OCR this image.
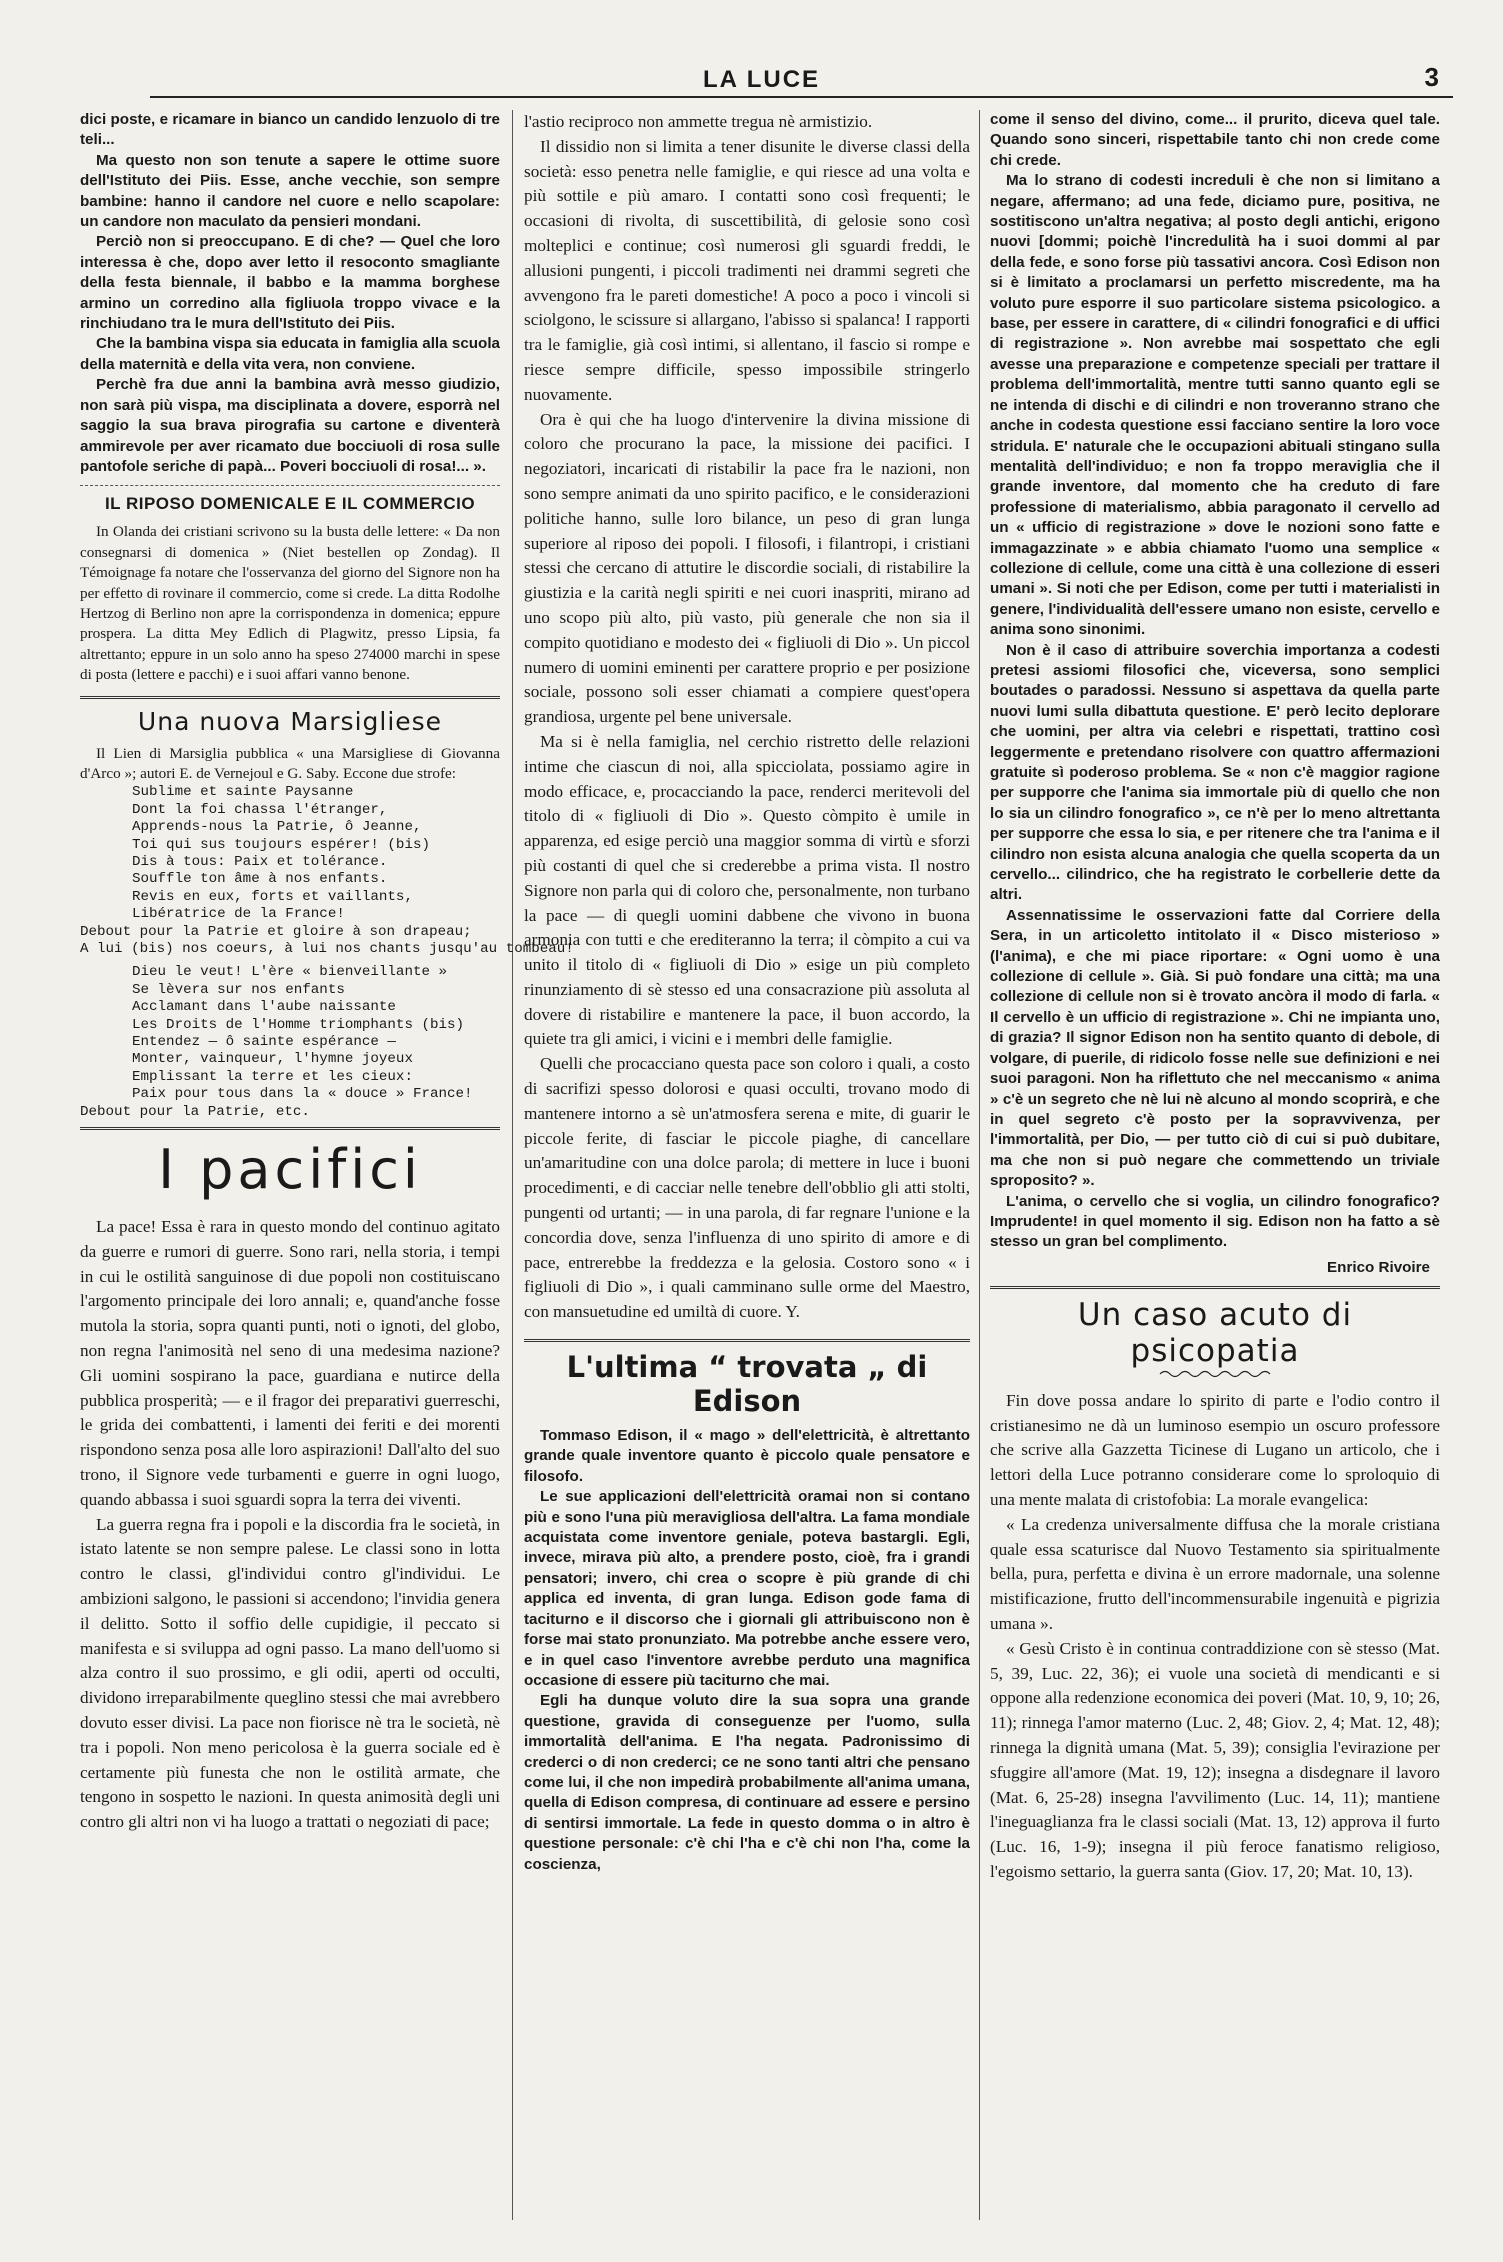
LA LUCE	3

dici poste, e ricamare in bianco un candido lenzuolo di tre teli...

Ma questo non son tenute a sapere le ottime suore dell'Istituto dei Piis. Esse, anche vecchie, son sempre bambine: hanno il candore nel cuore e nello scapolare: un candore non maculato da pensieri mondani.

Perciò non si preoccupano. E di che? — Quel che loro interessa è che, dopo aver letto il resoconto smagliante della festa biennale, il babbo e la mamma borghese armino un corredino alla figliuola troppo vivace e la rinchiudano tra le mura dell'Istituto dei Piis.

Che la bambina vispa sia educata in famiglia alla scuola della maternità e della vita vera, non conviene.

Perchè fra due anni la bambina avrà messo giudizio, non sarà più vispa, ma disciplinata a dovere, esporrà nel saggio la sua brava pirografia su cartone e diventerà ammirevole per aver ricamato due bocciuoli di rosa sulle pantofole seriche di papà... Poveri bocciuoli di rosa!... ».

IL RIPOSO DOMENICALE E IL COMMERCIO

In Olanda dei cristiani scrivono su la busta delle lettere: « Da non consegnarsi di domenica » (Niet bestellen op Zondag). Il Témoignage fa notare che l'osservanza del giorno del Signore non ha per effetto di rovinare il commercio, come si crede. La ditta Rodolhe Hertzog di Berlino non apre la corrispondenza in domenica; eppure prospera. La ditta Mey Edlich di Plagwitz, presso Lipsia, fa altrettanto; eppure in un solo anno ha speso 274000 marchi in spese di posta (lettere e pacchi) e i suoi affari vanno benone.

Una nuova Marsigliese

Il Lien di Marsiglia pubblica « una Marsigliese di Giovanna d'Arco »; autori E. de Vernejoul e G. Saby. Eccone due strofe:

Sublime et sainte Paysanne
Dont la foi chassa l'étranger,
Apprends-nous la Patrie, ô Jeanne,
Toi qui sus toujours espérer! (bis)
Dis à tous: Paix et tolérance.
Souffle ton âme à nos enfants.
Revis en eux, forts et vaillants,
Libératrice de la France!
Debout pour la Patrie et gloire à son drapeau;
A lui (bis) nos coeurs, à lui nos chants jusqu'au tombeau!
Dieu le veut! L'ère « bienveillante »
Se lèvera sur nos enfants
Acclamant dans l'aube naissante
Les Droits de l'Homme triomphants (bis)
Entendez — ô sainte espérance —
Monter, vainqueur, l'hymne joyeux
Emplissant la terre et les cieux:
Paix pour tous dans la « douce » France!
Debout pour la Patrie, etc.
I pacifici

La pace! Essa è rara in questo mondo del continuo agitato da guerre e rumori di guerre. Sono rari, nella storia, i tempi in cui le ostilità sanguinose di due popoli non costituiscano l'argomento principale dei loro annali; e, quand'anche fosse mutola la storia, sopra quanti punti, noti o ignoti, del globo, non regna l'animosità nel seno di una medesima nazione? Gli uomini sospirano la pace, guardiana e nutirce della pubblica prosperità; — e il fragor dei preparativi guerreschi, le grida dei combattenti, i lamenti dei feriti e dei morenti rispondono senza posa alle loro aspirazioni! Dall'alto del suo trono, il Signore vede turbamenti e guerre in ogni luogo, quando abbassa i suoi sguardi sopra la terra dei viventi.

La guerra regna fra i popoli e la discordia fra le società, in istato latente se non sempre palese. Le classi sono in lotta contro le classi, gl'individui contro gl'individui. Le ambizioni salgono, le passioni si accendono; l'invidia genera il delitto. Sotto il soffio delle cupidigie, il peccato si manifesta e si sviluppa ad ogni passo. La mano dell'uomo si alza contro il suo prossimo, e gli odii, aperti od occulti, dividono irreparabilmente queglino stessi che mai avrebbero dovuto esser divisi. La pace non fiorisce nè tra le società, nè tra i popoli. Non meno pericolosa è la guerra sociale ed è certamente più funesta che non le ostilità armate, che tengono in sospetto le nazioni. In questa animosità degli uni contro gli altri non vi ha luogo a trattati o negoziati di pace;

l'astio reciproco non ammette tregua nè armistizio.

Il dissidio non si limita a tener disunite le diverse classi della società: esso penetra nelle famiglie, e qui riesce ad una volta e più sottile e più amaro. I contatti sono così frequenti; le occasioni di rivolta, di suscettibilità, di gelosie sono così molteplici e continue; così numerosi gli sguardi freddi, le allusioni pungenti, i piccoli tradimenti nei drammi segreti che avvengono fra le pareti domestiche! A poco a poco i vincoli si sciolgono, le scissure si allargano, l'abisso si spalanca! I rapporti tra le famiglie, già così intimi, si allentano, il fascio si rompe e riesce sempre difficile, spesso impossibile stringerlo nuovamente.

Ora è qui che ha luogo d'intervenire la divina missione di coloro che procurano la pace, la missione dei pacifici. I negoziatori, incaricati di ristabilir la pace fra le nazioni, non sono sempre animati da uno spirito pacifico, e le considerazioni politiche hanno, sulle loro bilance, un peso di gran lunga superiore al riposo dei popoli. I filosofi, i filantropi, i cristiani stessi che cercano di attutire le discordie sociali, di ristabilire la giustizia e la carità negli spiriti e nei cuori inaspriti, mirano ad uno scopo più alto, più vasto, più generale che non sia il compito quotidiano e modesto dei « figliuoli di Dio ». Un piccol numero di uomini eminenti per carattere proprio e per posizione sociale, possono soli esser chiamati a compiere quest'opera grandiosa, urgente pel bene universale.

Ma si è nella famiglia, nel cerchio ristretto delle relazioni intime che ciascun di noi, alla spicciolata, possiamo agire in modo efficace, e, procacciando la pace, renderci meritevoli del titolo di « figliuoli di Dio ». Questo còmpito è umile in apparenza, ed esige perciò una maggior somma di virtù e sforzi più costanti di quel che si crederebbe a prima vista. Il nostro Signore non parla qui di coloro che, personalmente, non turbano la pace — di quegli uomini dabbene che vivono in buona armonia con tutti e che erediteranno la terra; il còmpito a cui va unito il titolo di « figliuoli di Dio » esige un più completo rinunziamento di sè stesso ed una consacrazione più assoluta al dovere di ristabilire e mantenere la pace, il buon accordo, la quiete tra gli amici, i vicini e i membri delle famiglie.

Quelli che procacciano questa pace son coloro i quali, a costo di sacrifizi spesso dolorosi e quasi occulti, trovano modo di mantenere intorno a sè un'atmosfera serena e mite, di guarir le piccole ferite, di fasciar le piccole piaghe, di cancellare un'amaritudine con una dolce parola; di mettere in luce i buoni procedimenti, e di cacciar nelle tenebre dell'obblio gli atti stolti, pungenti od urtanti; — in una parola, di far regnare l'unione e la concordia dove, senza l'influenza di uno spirito di amore e di pace, entrerebbe la freddezza e la gelosia. Costoro sono « i figliuoli di Dio », i quali camminano sulle orme del Maestro, con mansuetudine ed umiltà di cuore. Y.

L'ultima “ trovata „ di Edison

Tommaso Edison, il « mago » dell'elettricità, è altrettanto grande quale inventore quanto è piccolo quale pensatore e filosofo.

Le sue applicazioni dell'elettricità oramai non si contano più e sono l'una più meravigliosa dell'altra. La fama mondiale acquistata come inventore geniale, poteva bastargli. Egli, invece, mirava più alto, a prendere posto, cioè, fra i grandi pensatori; invero, chi crea o scopre è più grande di chi applica ed inventa, di gran lunga. Edison gode fama di taciturno e il discorso che i giornali gli attribuiscono non è forse mai stato pronunziato. Ma potrebbe anche essere vero, e in quel caso l'inventore avrebbe perduto una magnifica occasione di essere più taciturno che mai.

Egli ha dunque voluto dire la sua sopra una grande questione, gravida di conseguenze per l'uomo, sulla immortalità dell'anima. E l'ha negata. Padronissimo di crederci o di non crederci; ce ne sono tanti altri che pensano come lui, il che non impedirà probabilmente all'anima umana, quella di Edison compresa, di continuare ad essere e persino di sentirsi immortale. La fede in questo domma o in altro è questione personale: c'è chi l'ha e c'è chi non l'ha, come la coscienza,

come il senso del divino, come... il prurito, diceva quel tale. Quando sono sinceri, rispettabile tanto chi non crede come chi crede.

Ma lo strano di codesti increduli è che non si limitano a negare, affermano; ad una fede, diciamo pure, positiva, ne sostitiscono un'altra negativa; al posto degli antichi, erigono nuovi [dommi; poichè l'incredulità ha i suoi dommi al par della fede, e sono forse più tassativi ancora. Così Edison non si è limitato a proclamarsi un perfetto miscredente, ma ha voluto pure esporre il suo particolare sistema psicologico. a base, per essere in carattere, di « cilindri fonografici e di uffici di registrazione ». Non avrebbe mai sospettato che egli avesse una preparazione e competenze speciali per trattare il problema dell'immortalità, mentre tutti sanno quanto egli se ne intenda di dischi e di cilindri e non troveranno strano che anche in codesta questione essi facciano sentire la loro voce stridula. E' naturale che le occupazioni abituali stingano sulla mentalità dell'individuo; e non fa troppo meraviglia che il grande inventore, dal momento che ha creduto di fare professione di materialismo, abbia paragonato il cervello ad un « ufficio di registrazione » dove le nozioni sono fatte e immagazzinate » e abbia chiamato l'uomo una semplice « collezione di cellule, come una città è una collezione di esseri umani ». Si noti che per Edison, come per tutti i materialisti in genere, l'individualità dell'essere umano non esiste, cervello e anima sono sinonimi.

Non è il caso di attribuire soverchia importanza a codesti pretesi assiomi filosofici che, viceversa, sono semplici boutades o paradossi. Nessuno si aspettava da quella parte nuovi lumi sulla dibattuta questione. E' però lecito deplorare che uomini, per altra via celebri e rispettati, trattino così leggermente e pretendano risolvere con quattro affermazioni gratuite sì poderoso problema. Se « non c'è maggior ragione per supporre che l'anima sia immortale più di quello che non lo sia un cilindro fonografico », ce n'è per lo meno altrettanta per supporre che essa lo sia, e per ritenere che tra l'anima e il cilindro non esista alcuna analogia che quella scoperta da un cervello... cilindrico, che ha registrato le corbellerie dette da altri.

Assennatissime le osservazioni fatte dal Corriere della Sera, in un articoletto intitolato il « Disco misterioso » (l'anima), e che mi piace riportare: « Ogni uomo è una collezione di cellule ». Già. Si può fondare una città; ma una collezione di cellule non si è trovato ancòra il modo di farla. « Il cervello è un ufficio di registrazione ». Chi ne impianta uno, di grazia? Il signor Edison non ha sentito quanto di debole, di volgare, di puerile, di ridicolo fosse nelle sue definizioni e nei suoi paragoni. Non ha riflettuto che nel meccanismo « anima » c'è un segreto che nè lui nè alcuno al mondo scoprirà, e che in quel segreto c'è posto per la sopravvivenza, per l'immortalità, per Dio, — per tutto ciò di cui si può dubitare, ma che non si può negare che commettendo un triviale sproposito? ».

L'anima, o cervello che si voglia, un cilindro fonografico? Imprudente! in quel momento il sig. Edison non ha fatto a sè stesso un gran bel complimento.

Enrico Rivoire
Un caso acuto di psicopatia

Fin dove possa andare lo spirito di parte e l'odio contro il cristianesimo ne dà un luminoso esempio un oscuro professore che scrive alla Gazzetta Ticinese di Lugano un articolo, che i lettori della Luce potranno considerare come lo sproloquio di una mente malata di cristofobia: La morale evangelica:

« La credenza universalmente diffusa che la morale cristiana quale essa scaturisce dal Nuovo Testamento sia spiritualmente bella, pura, perfetta e divina è un errore madornale, una solenne mistificazione, frutto dell'incommensurabile ingenuità e pigrizia umana ».

« Gesù Cristo è in continua contraddizione con sè stesso (Mat. 5, 39, Luc. 22, 36); ei vuole una società di mendicanti e si oppone alla redenzione economica dei poveri (Mat. 10, 9, 10; 26, 11); rinnega l'amor materno (Luc. 2, 48; Giov. 2, 4; Mat. 12, 48); rinnega la dignità umana (Mat. 5, 39); consiglia l'evirazione per sfuggire all'amore (Mat. 19, 12); insegna a disdegnare il lavoro (Mat. 6, 25-28) insegna l'avvilimento (Luc. 14, 11); mantiene l'ineguaglianza fra le classi sociali (Mat. 13, 12) approva il furto (Luc. 16, 1-9); insegna il più feroce fanatismo religioso, l'egoismo settario, la guerra santa (Giov. 17, 20; Mat. 10, 13).
